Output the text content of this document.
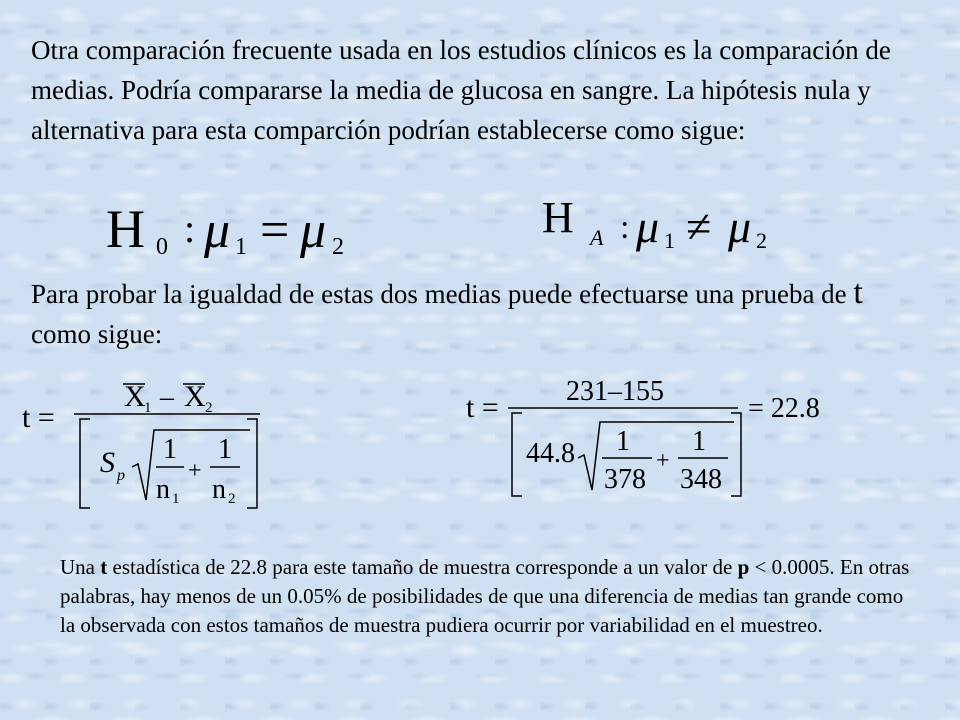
Otra comparación frecuente usada en los estudios clínicos es la comparación de medias. Podría compararse la media de glucosa en sangre. La hipótesis nula y alternativa para esta comparción podrían establecerse como sigue:

H 0 : μ 1 = μ 2
H A : μ 1 ≠ μ 2

Para probar la igualdad de estas dos medias puede efectuarse una prueba de t como sigue:

t =
X
1 – X 2
S p
1
n 1
+
1
n 2
t = 231–155
44.8 1
378
+
1
348
= 22.8

Una t estadística de 22.8 para este tamaño de muestra corresponde a un valor de p < 0.0005. En otras palabras, hay menos de un 0.05% de posibilidades de que una diferencia de medias tan grande como la observada con estos tamaños de muestra pudiera ocurrir por variabilidad en el muestreo.
